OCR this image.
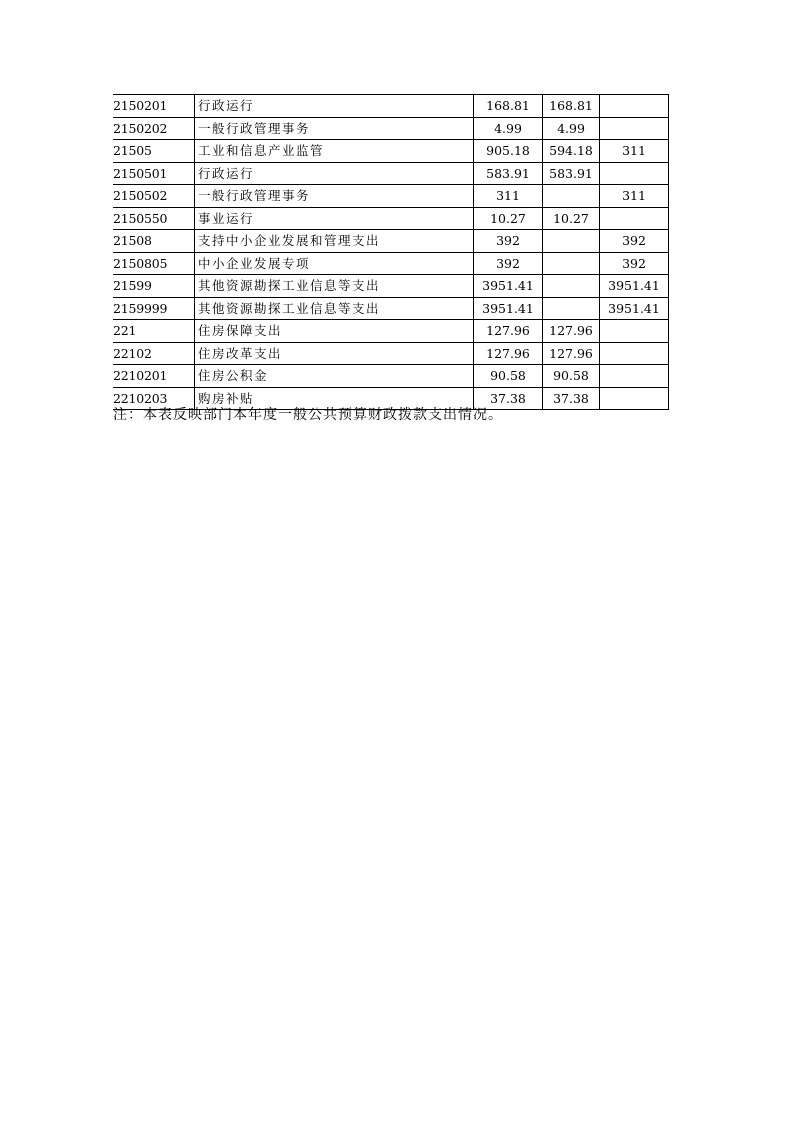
2150201	行政运行	168.81	168.81	
2150202	一般行政管理事务	4.99	4.99	
21505	工业和信息产业监管	905.18	594.18	311
2150501	行政运行	583.91	583.91	
2150502	一般行政管理事务	311		311
2150550	事业运行	10.27	10.27	
21508	支持中小企业发展和管理支出	392		392
2150805	中小企业发展专项	392		392
21599	其他资源勘探工业信息等支出	3951.41		3951.41
2159999	其他资源勘探工业信息等支出	3951.41		3951.41
221	住房保障支出	127.96	127.96	
22102	住房改革支出	127.96	127.96	
2210201	住房公积金	90.58	90.58	
2210203	购房补贴	37.38	37.38	
注：本表反映部门本年度一般公共预算财政拨款支出情况。
